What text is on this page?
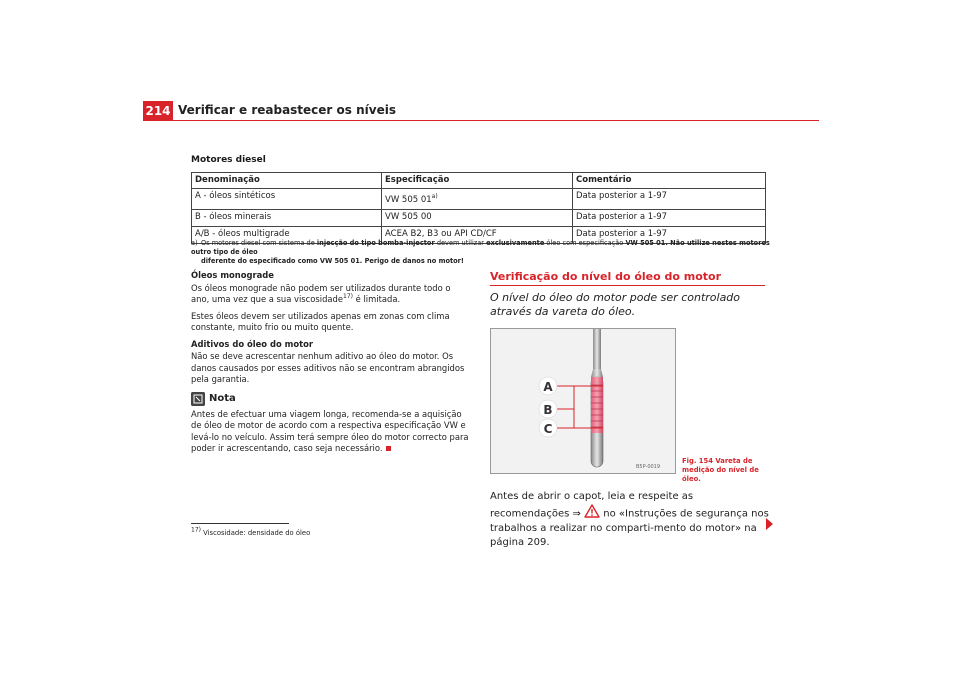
214 Verificar e reabastecer os níveis
Motores diesel
Denominação	Especificação	Comentário
A - óleos sintéticos	VW 505 01$^{a)}$	Data posterior a 1-97
B - óleos minerais	VW 505 00	Data posterior a 1-97
A/B - óleos multigrade	ACEA B2, B3 ou API CD/CF	Data posterior a 1-97
a) Os motores diesel com sistema de injecção do tipo bomba-injector devem utilizar exclusivamente óleo com especificação VW 505 01. Não utilize nestes motores outro tipo de óleo
diferente do especificado como VW 505 01. Perigo de danos no motor!

Óleos monograde

Os óleos monograde não podem ser utilizados durante todo o ano, uma vez que a sua viscosidade$^{17)}$ é limitada.

Estes óleos devem ser utilizados apenas em zonas com clima constante, muito frio ou muito quente.

Aditivos do óleo do motor

Não se deve acrescentar nenhum aditivo ao óleo do motor. Os danos causados por esses aditivos não se encontram abrangidos pela garantia.

Nota

Antes de efectuar uma viagem longa, recomenda-se a aquisição de óleo de motor de acordo com a respectiva especificação VW e levá-lo no veículo. Assim terá sempre óleo do motor correcto para poder ir acrescentando, caso seja necessário.

$^{17)}$ Viscosidade: densidade do óleo
Verificação do nível do óleo do motor
O nível do óleo do motor pode ser controlado através da vareta do óleo.
A
B
C
B5P-0019
Fig. 154 Vareta de medição do nível de óleo.
Antes de abrir o capot, leia e respeite as recomendações ⇒  no «Instruções de segurança nos trabalhos a realizar no comparti-mento do motor» na página 209.
